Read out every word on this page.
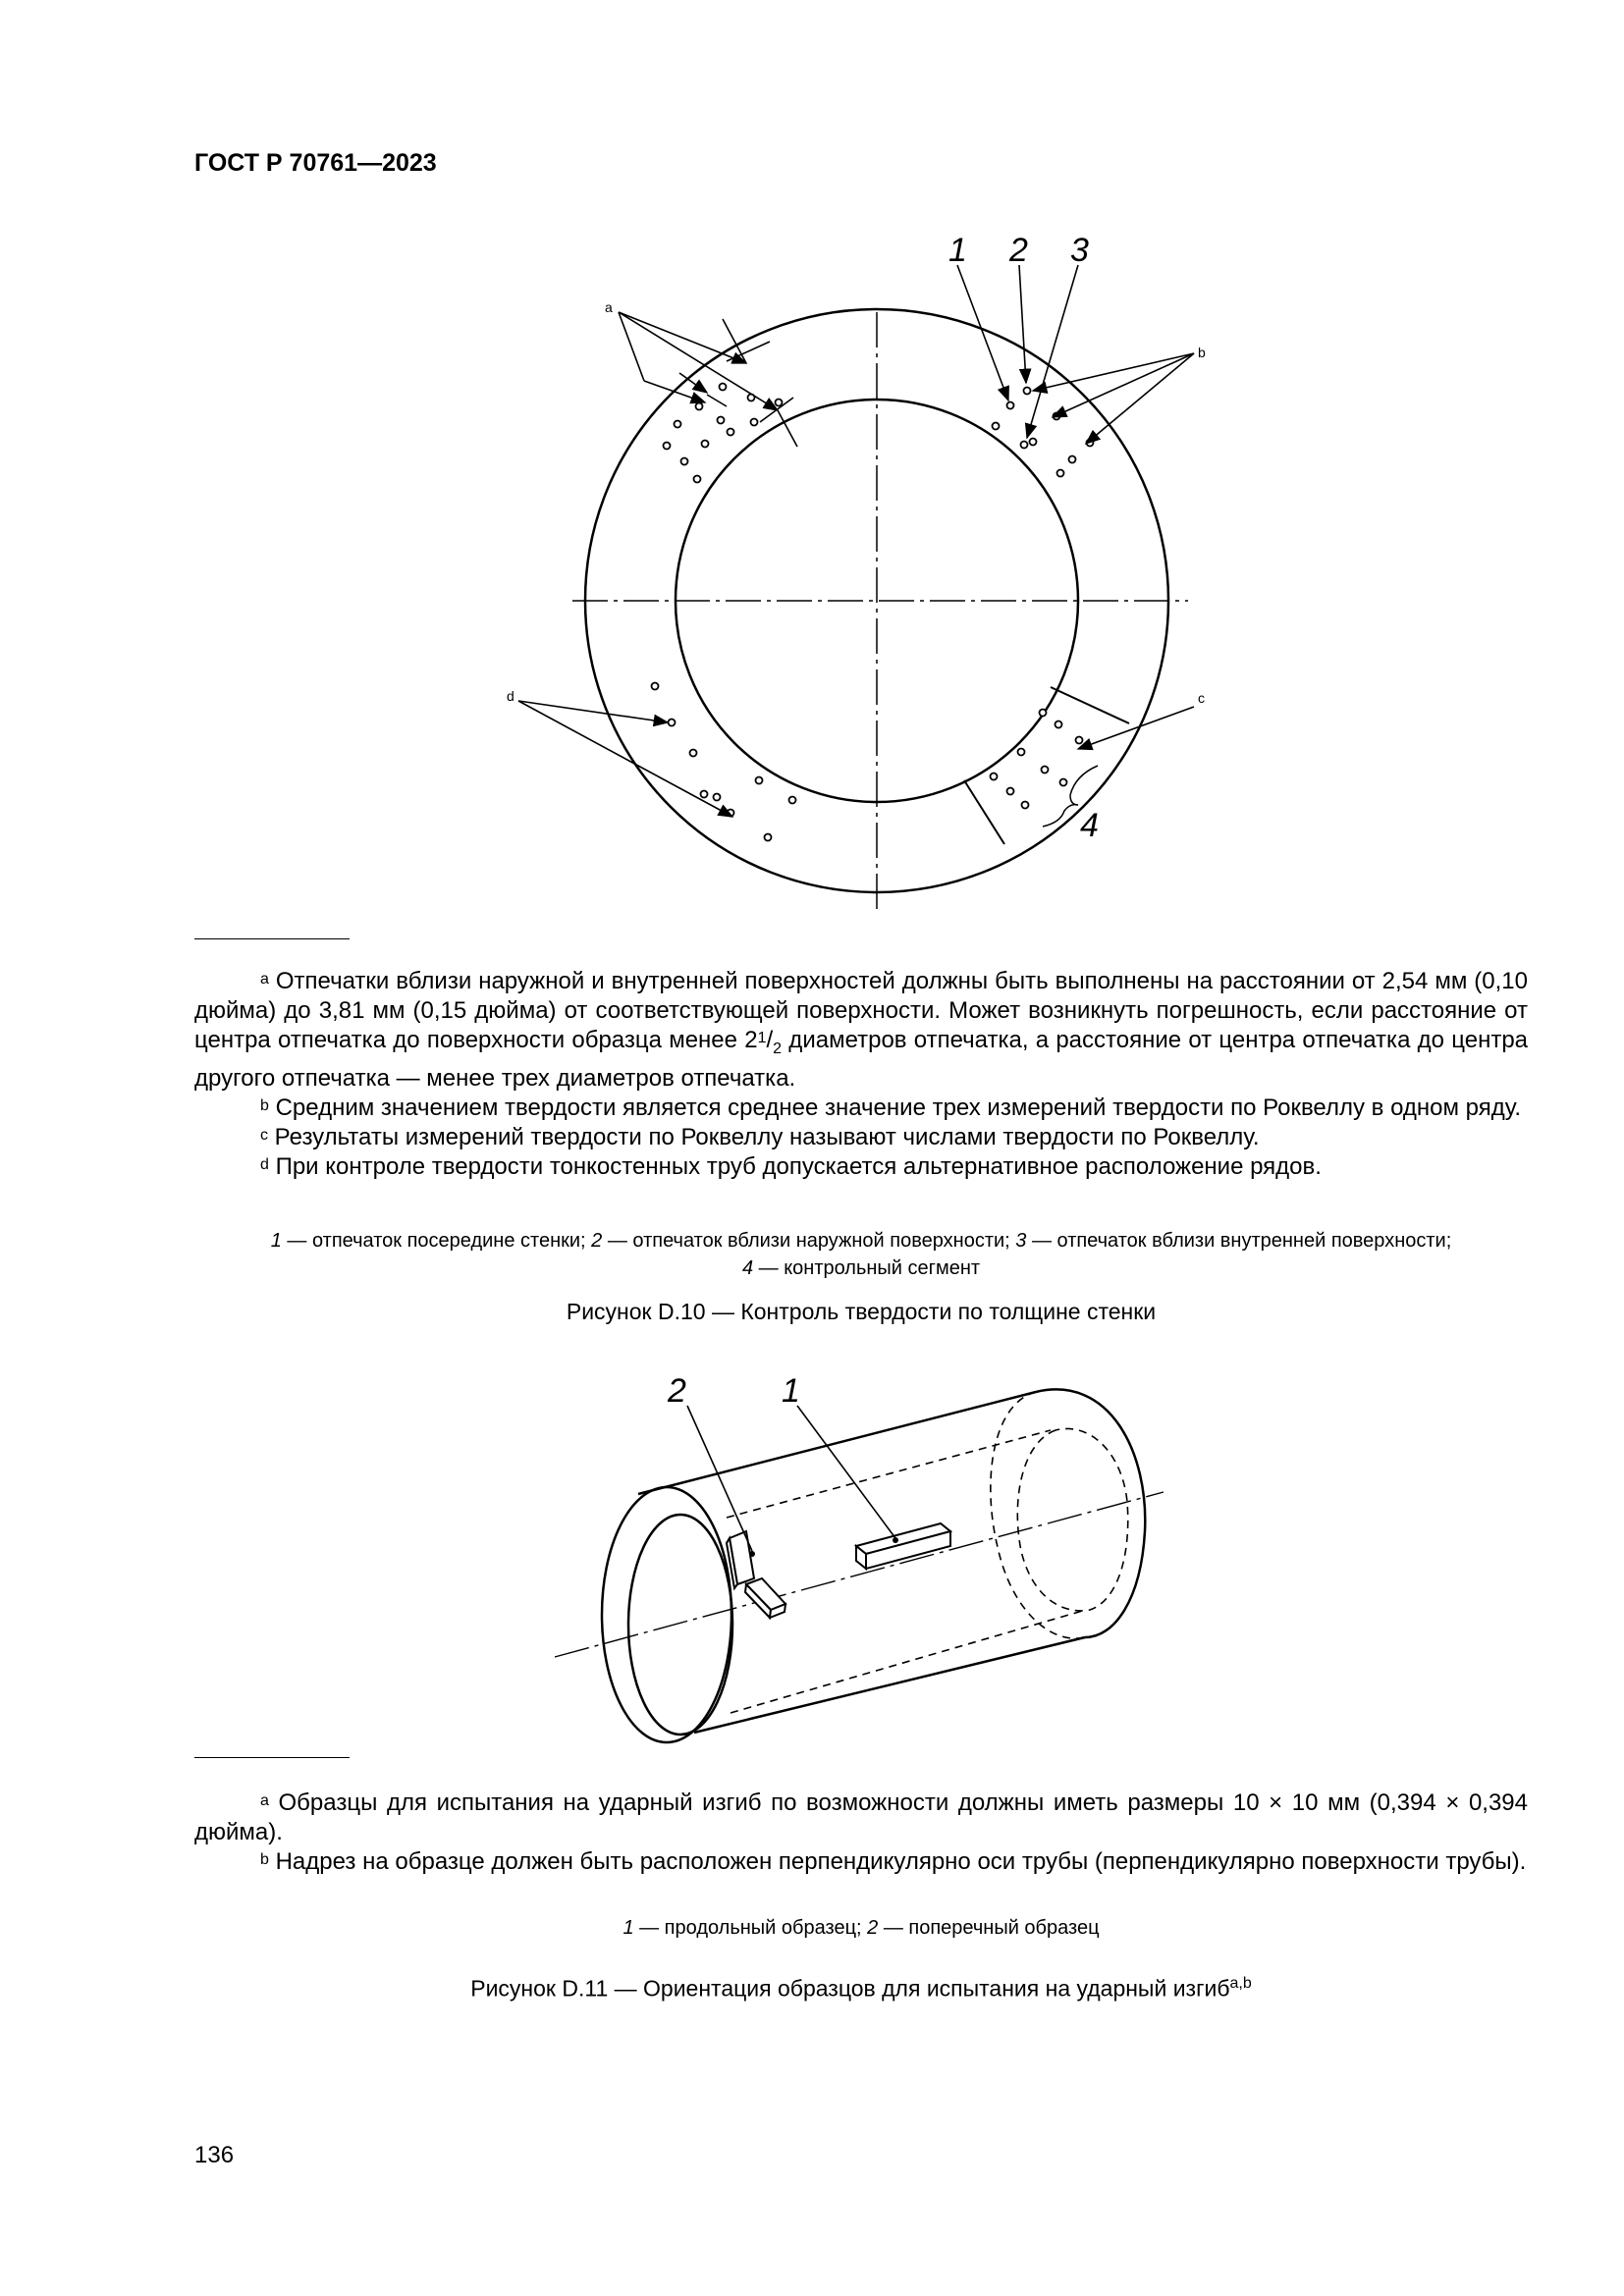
ГОСТ Р 70761—2023
1 2 3
4
a
b
c
d

$^a$ Отпечатки вблизи наружной и внутренней поверхностей должны быть выполнены на расстоянии от 2,54 мм (0,10 дюйма) до 3,81 мм (0,15 дюйма) от соответствующей поверхности. Может возникнуть погрешность, если расстояние от центра отпечатка до поверхности образца менее $2^1/_2$ диаметров отпечатка, а расстояние от центра отпечатка до центра другого отпечатка — менее трех диаметров отпечатка.

$^b$ Средним значением твердости является среднее значение трех измерений твердости по Роквеллу в одном ряду.

$^c$ Результаты измерений твердости по Роквеллу называют числами твердости по Роквеллу.

$^d$ При контроле твердости тонкостенных труб допускается альтернативное расположение рядов.

1 — отпечаток посередине стенки; 2 — отпечаток вблизи наружной поверхности; 3 — отпечаток вблизи внутренней поверхности;
4 — контрольный сегмент
Рисунок D.10 — Контроль твердости по толщине стенки
2	1

$^a$ Образцы для испытания на ударный изгиб по возможности должны иметь размеры 10 × 10 мм (0,394 × 0,394 дюйма).

$^b$ Надрез на образце должен быть расположен перпендикулярно оси трубы (перпендикулярно поверхности трубы).

1 — продольный образец; 2 — поперечный образец
Рисунок D.11 — Ориентация образцов для испытания на ударный изгиб$^{a,b}$
136
